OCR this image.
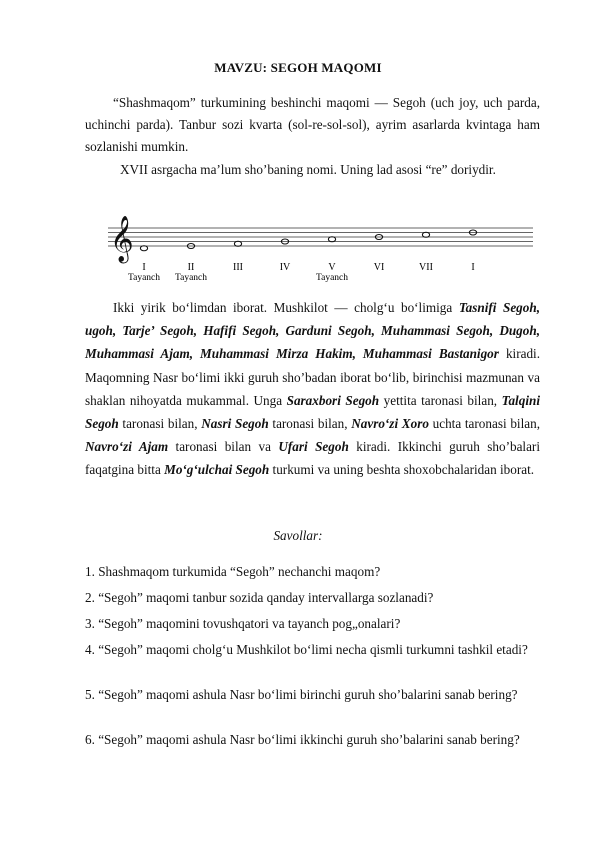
MAVZU: SEGOH MAQOMI
“Shashmaqom” turkumining beshinchi maqomi — Segoh (uch joy, uch parda, uchinchi parda). Tanbur sozi kvarta (sol-re-sol-sol), ayrim asarlarda kvintaga ham sozlanishi mumkin.
XVII asrgacha ma’lum sho’baning nomi. Uning lad asosi “re” doriydir.
𝄞
I	II	III	IV	V	VI	VII	I
Tayanch Tayanch	Tayanch
Ikki yirik bo‘limdan iborat. Mushkilot — cholg‘u bo‘limiga Tasnifi Segoh, ugoh, Tarje’ Segoh, Hafifi Segoh, Garduni Segoh, Muhammasi Segoh, Dugoh, Muhammasi Ajam, Muhammasi Mirza Hakim, Muhammasi Bastanigor kiradi. Maqomning Nasr bo‘limi ikki guruh sho’badan iborat bo‘lib, birinchisi mazmunan va shaklan nihoyatda mukammal. Unga Saraxbori Segoh yettita taronasi bilan, Talqini Segoh taronasi bilan, Nasri Segoh taronasi bilan, Navro‘zi Xoro uchta taronasi bilan, Navro‘zi Ajam taronasi bilan va Ufari Segoh kiradi. Ikkinchi guruh sho’balari faqatgina bitta Mo‘g‘ulchai Segoh turkumi va uning beshta shoxobchalaridan iborat.
Savollar:
1. Shashmaqom turkumida “Segoh” nechanchi maqom?
2. “Segoh” maqomi tanbur sozida qanday intervallarga sozlanadi?
3. “Segoh” maqomini tovushqatori va tayanch pog„onalari?
4. “Segoh” maqomi cholg‘u Mushkilot bo‘limi necha qismli turkumni tashkil etadi?
5. “Segoh” maqomi ashula Nasr bo‘limi birinchi guruh sho’balarini sanab bering?
6. “Segoh” maqomi ashula Nasr bo‘limi ikkinchi guruh sho’balarini sanab bering?
